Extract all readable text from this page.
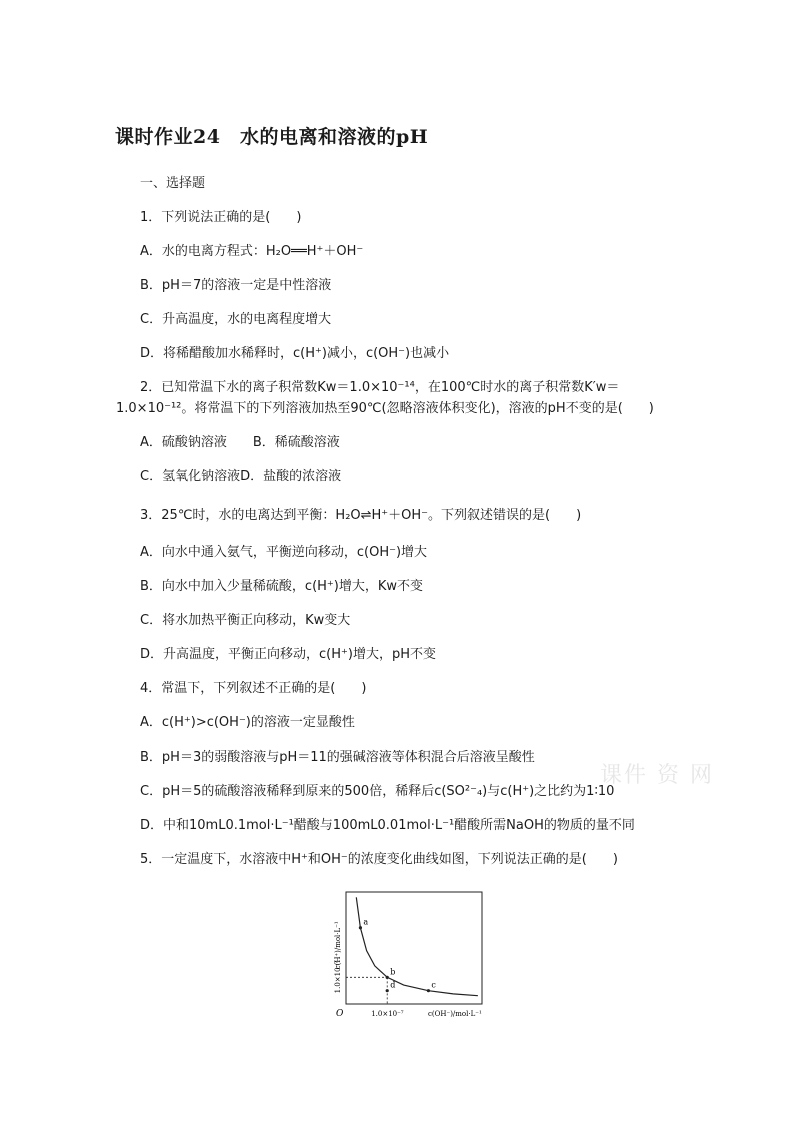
课时作业24　水的电离和溶液的pH
一、选择题
1．下列说法正确的是(　　)
A．水的电离方程式：H₂O══H⁺＋OH⁻
B．pH＝7的溶液一定是中性溶液
C．升高温度，水的电离程度增大
D．将稀醋酸加水稀释时，c(H⁺)减小，c(OH⁻)也减小
2．已知常温下水的离子积常数Kw＝1.0×10⁻¹⁴，在100℃时水的离子积常数K′w＝
1.0×10⁻¹²。将常温下的下列溶液加热至90℃(忽略溶液体积变化)，溶液的pH不变的是(　　)
A．硫酸钠溶液　　B．稀硫酸溶液
C．氢氧化钠溶液D．盐酸的浓溶液
3．25℃时，水的电离达到平衡：H₂O⇌H⁺＋OH⁻。下列叙述错误的是(　　)
A．向水中通入氨气，平衡逆向移动，c(OH⁻)增大
B．向水中加入少量稀硫酸，c(H⁺)增大，Kw不变
C．将水加热平衡正向移动，Kw变大
D．升高温度，平衡正向移动，c(H⁺)增大，pH不变
4．常温下，下列叙述不正确的是(　　)
A．c(H⁺)>c(OH⁻)的溶液一定显酸性
B．pH＝3的弱酸溶液与pH＝11的强碱溶液等体积混合后溶液呈酸性
C．pH＝5的硫酸溶液稀释到原来的500倍，稀释后c(SO²⁻₄)与c(H⁺)之比约为1∶10
D．中和10mL0.1mol·L⁻¹醋酸与100mL0.01mol·L⁻¹醋酸所需NaOH的物质的量不同
5．一定温度下，水溶液中H⁺和OH⁻的浓度变化曲线如图，下列说法正确的是(　　)
课件 资 网
a
b
c
d
O	1.0×10⁻⁷	c(OH⁻)/mol·L⁻¹
1.0×10⁻⁷
c(H⁺)/mol·L⁻¹
